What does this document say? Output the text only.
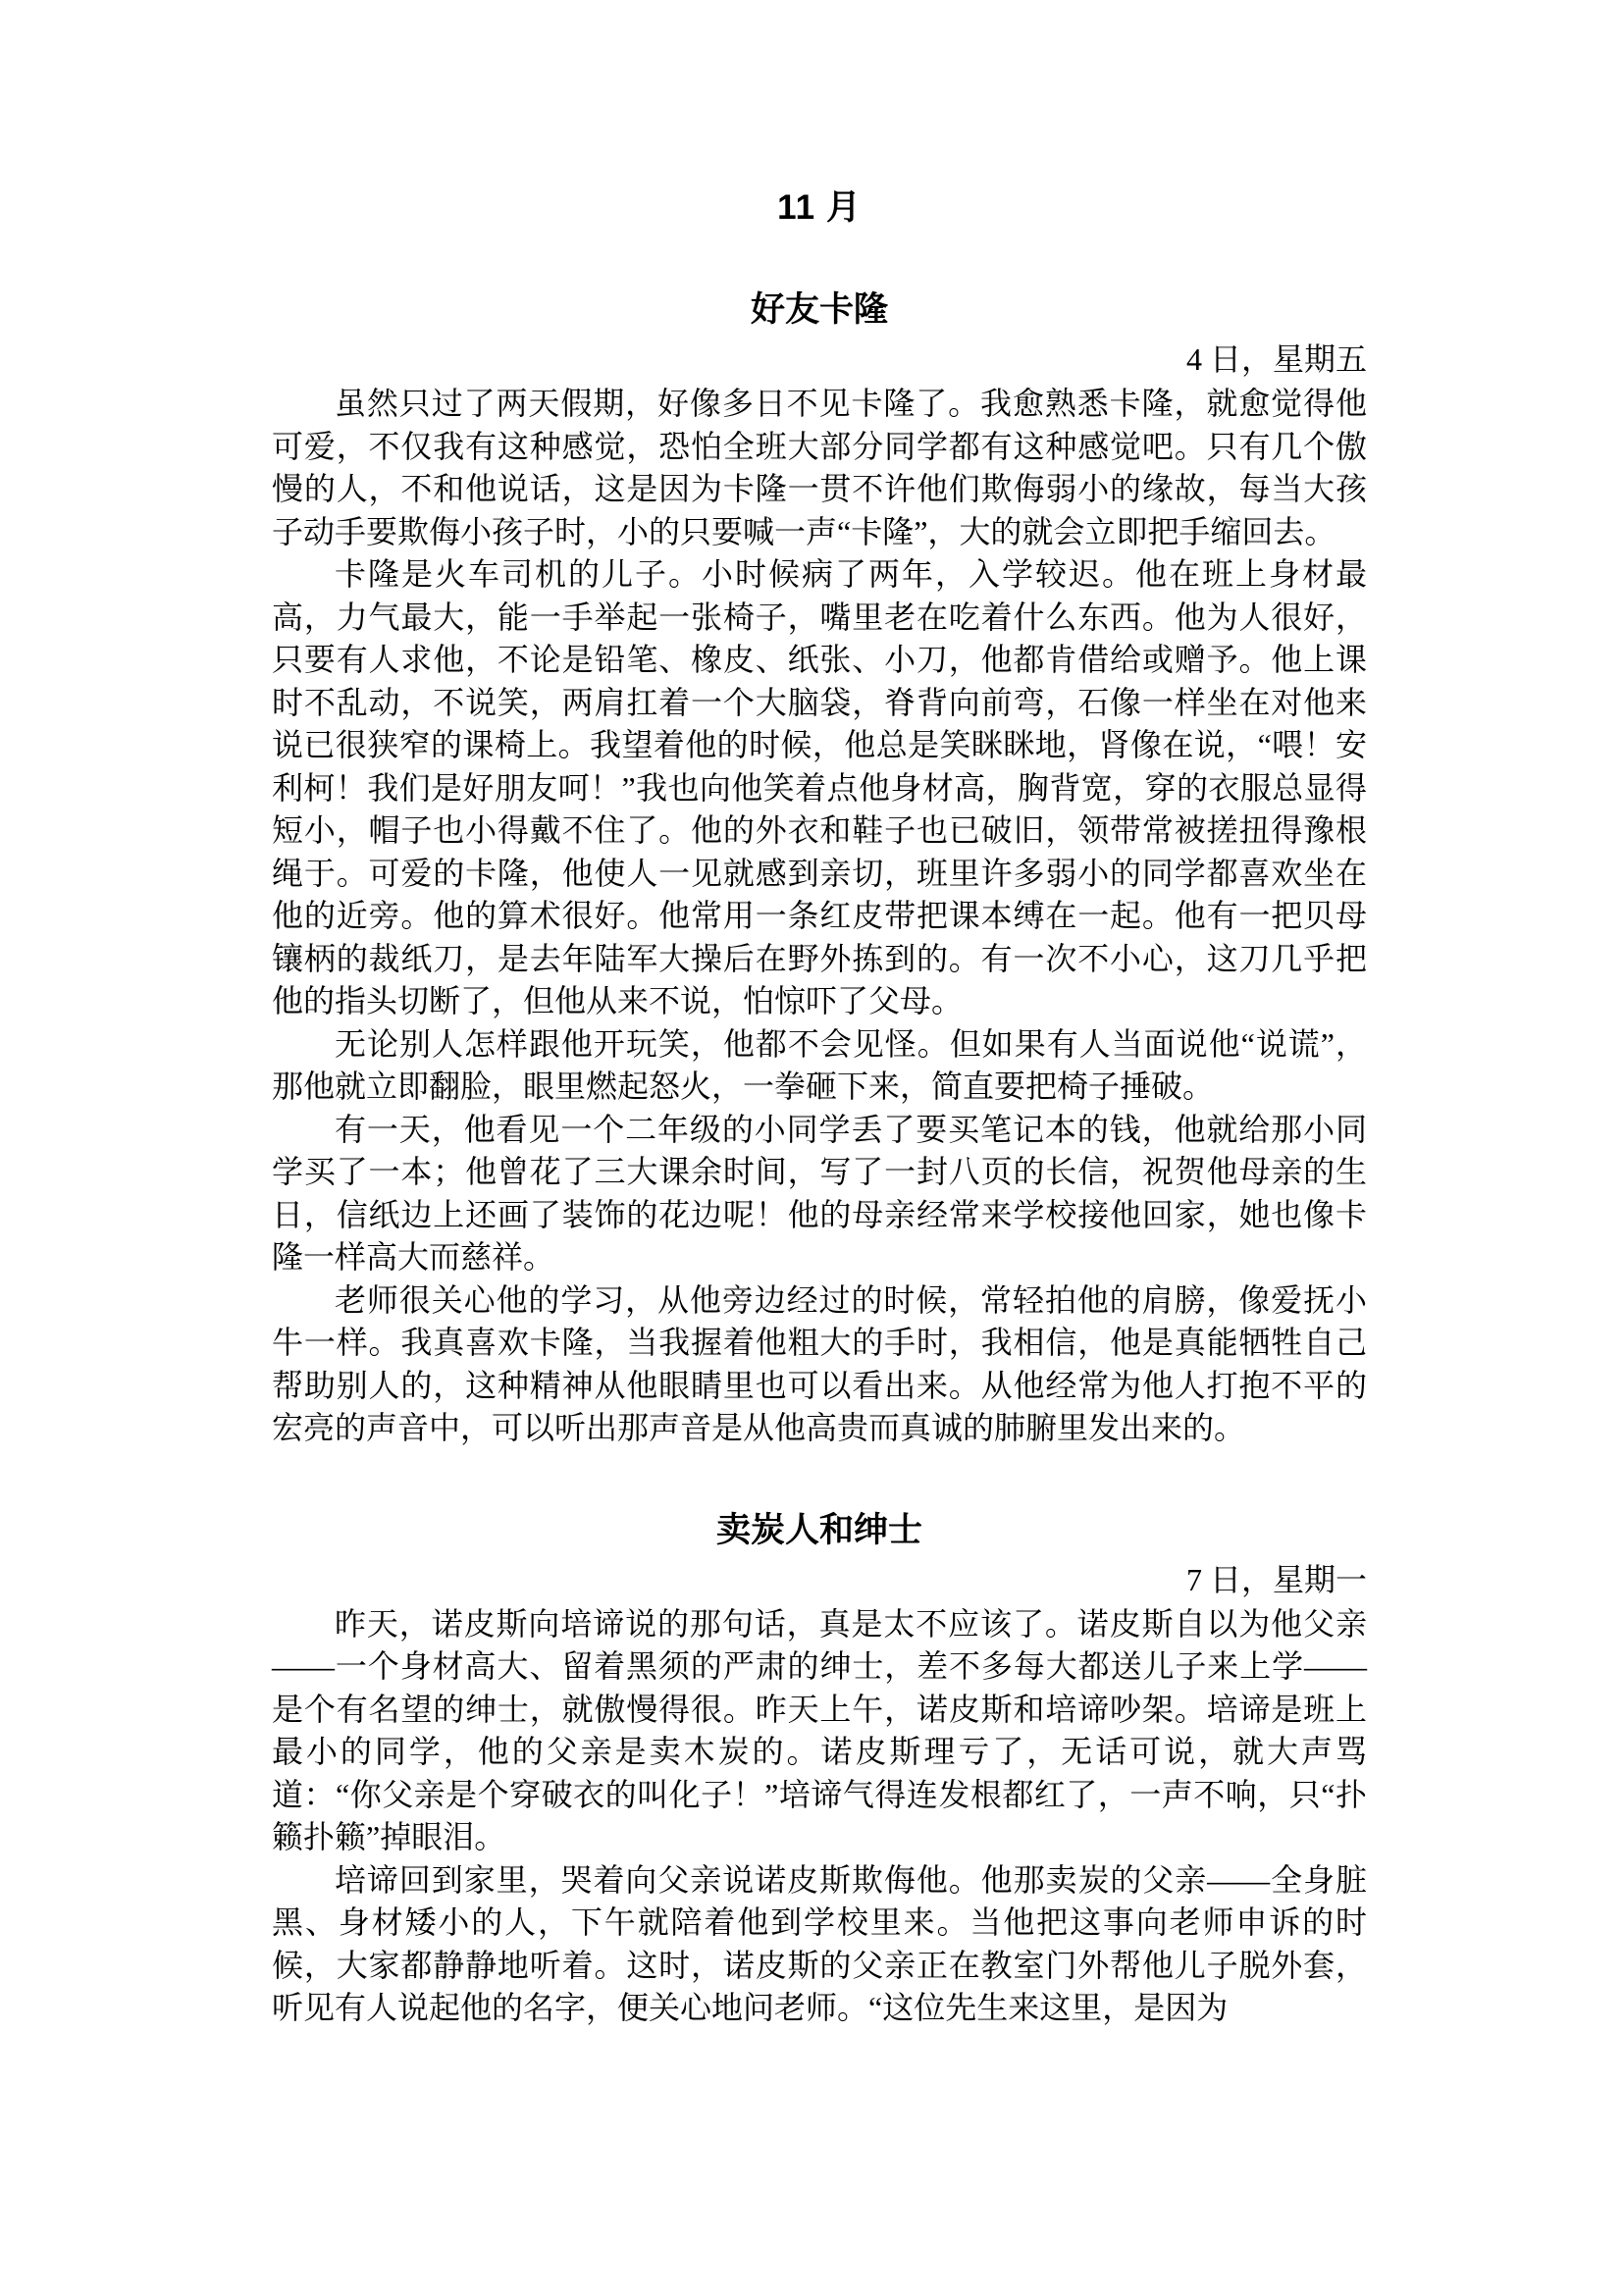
11 月
好友卡隆
4 日，星期五

虽然只过了两天假期，好像多日不见卡隆了。我愈熟悉卡隆，就愈觉得他可爱，不仅我有这种感觉，恐怕全班大部分同学都有这种感觉吧。只有几个傲慢的人，不和他说话，这是因为卡隆一贯不许他们欺侮弱小的缘故，每当大孩子动手要欺侮小孩子时，小的只要喊一声“卡隆”，大的就会立即把手缩回去。

卡隆是火车司机的儿子。小时候病了两年，入学较迟。他在班上身材最高，力气最大，能一手举起一张椅子，嘴里老在吃着什么东西。他为人很好，只要有人求他，不论是铅笔、橡皮、纸张、小刀，他都肯借给或赠予。他上课时不乱动，不说笑，两肩扛着一个大脑袋，脊背向前弯，石像一样坐在对他来说已很狭窄的课椅上。我望着他的时候，他总是笑眯眯地，肾像在说，“喂！安利柯！我们是好朋友呵！”我也向他笑着点他身材高，胸背宽，穿的衣服总显得短小，帽子也小得戴不住了。他的外衣和鞋子也已破旧，领带常被搓扭得豫根绳于。可爱的卡隆，他使人一见就感到亲切，班里许多弱小的同学都喜欢坐在他的近旁。他的算术很好。他常用一条红皮带把课本缚在一起。他有一把贝母镶柄的裁纸刀，是去年陆军大操后在野外拣到的。有一次不小心，这刀几乎把他的指头切断了，但他从来不说，怕惊吓了父母。

无论别人怎样跟他开玩笑，他都不会见怪。但如果有人当面说他“说谎”，那他就立即翻脸，眼里燃起怒火，一拳砸下来，简直要把椅子捶破。

有一天，他看见一个二年级的小同学丢了要买笔记本的钱，他就给那小同学买了一本；他曾花了三大课余时间，写了一封八页的长信，祝贺他母亲的生日，信纸边上还画了装饰的花边呢！他的母亲经常来学校接他回家，她也像卡隆一样高大而慈祥。

老师很关心他的学习，从他旁边经过的时候，常轻拍他的肩膀，像爱抚小牛一样。我真喜欢卡隆，当我握着他粗大的手时，我相信，他是真能牺牲自己帮助别人的，这种精神从他眼睛里也可以看出来。从他经常为他人打抱不平的宏亮的声音中，可以听出那声音是从他高贵而真诚的肺腑里发出来的。

卖炭人和绅士
7 日，星期一

昨天，诺皮斯向培谛说的那句话，真是太不应该了。诺皮斯自以为他父亲——一个身材高大、留着黑须的严肃的绅士，差不多每大都送儿子来上学——是个有名望的绅士，就傲慢得很。昨天上午，诺皮斯和培谛吵架。培谛是班上最小的同学，他的父亲是卖木炭的。诺皮斯理亏了，无话可说，就大声骂道：“你父亲是个穿破衣的叫化子！”培谛气得连发根都红了，一声不响，只“扑籁扑籁”掉眼泪。

培谛回到家里，哭着向父亲说诺皮斯欺侮他。他那卖炭的父亲——全身脏黑、身材矮小的人，下午就陪着他到学校里来。当他把这事向老师申诉的时候，大家都静静地听着。这时，诺皮斯的父亲正在教室门外帮他儿子脱外套，听见有人说起他的名字，便关心地问老师。“这位先生来这里，是因为
